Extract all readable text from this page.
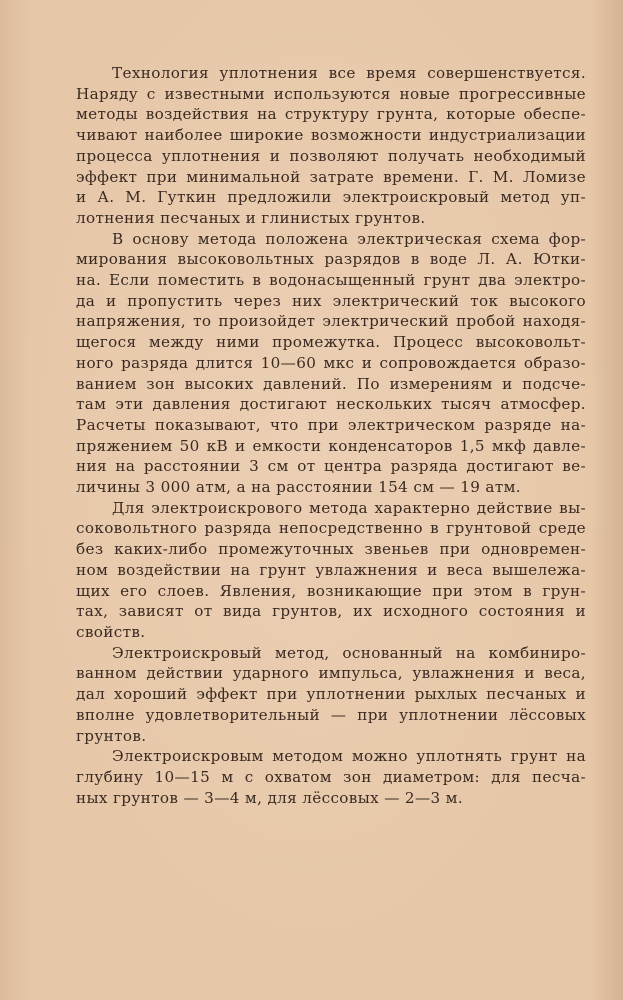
Технология уплотнения все время совершенствуется.
Наряду с известными используются новые прогрессивные
методы воздействия на структуру грунта, которые обеспе-
чивают наиболее широкие возможности индустриализации
процесса уплотнения и позволяют получать необходимый
эффект при минимальной затрате времени. Г. М. Ломизе
и А. М. Гуткин предложили электроискровый метод уп-
лотнения песчаных и глинистых грунтов.

В основу метода положена электрическая схема фор-
мирования высоковольтных разрядов в воде Л. А. Ютки-
на. Если поместить в водонасыщенный грунт два электро-
да и пропустить через них электрический ток высокого
напряжения, то произойдет электрический пробой находя-
щегося между ними промежутка. Процесс высоковольт-
ного разряда длится 10—60 мкс и сопровождается образо-
ванием зон высоких давлений. По измерениям и подсче-
там эти давления достигают нескольких тысяч атмосфер.
Расчеты показывают, что при электрическом разряде на-
пряжением 50 кВ и емкости конденсаторов 1,5 мкф давле-
ния на расстоянии 3 см от центра разряда достигают ве-
личины 3 000 атм, а на расстоянии 154 см — 19 атм.

Для электроискрового метода характерно действие вы-
соковольтного разряда непосредственно в грунтовой среде
без каких-либо промежуточных звеньев при одновремен-
ном воздействии на грунт увлажнения и веса вышележа-
щих его слоев. Явления, возникающие при этом в грун-
тах, зависят от вида грунтов, их исходного состояния и
свойств.

Электроискровый метод, основанный на комбиниро-
ванном действии ударного импульса, увлажнения и веса,
дал хороший эффект при уплотнении рыхлых песчаных и
вполне удовлетворительный — при уплотнении лёссовых
грунтов.

Электроискровым методом можно уплотнять грунт на
глубину 10—15 м с охватом зон диаметром: для песча-
ных грунтов — 3—4 м, для лёссовых — 2—3 м.
